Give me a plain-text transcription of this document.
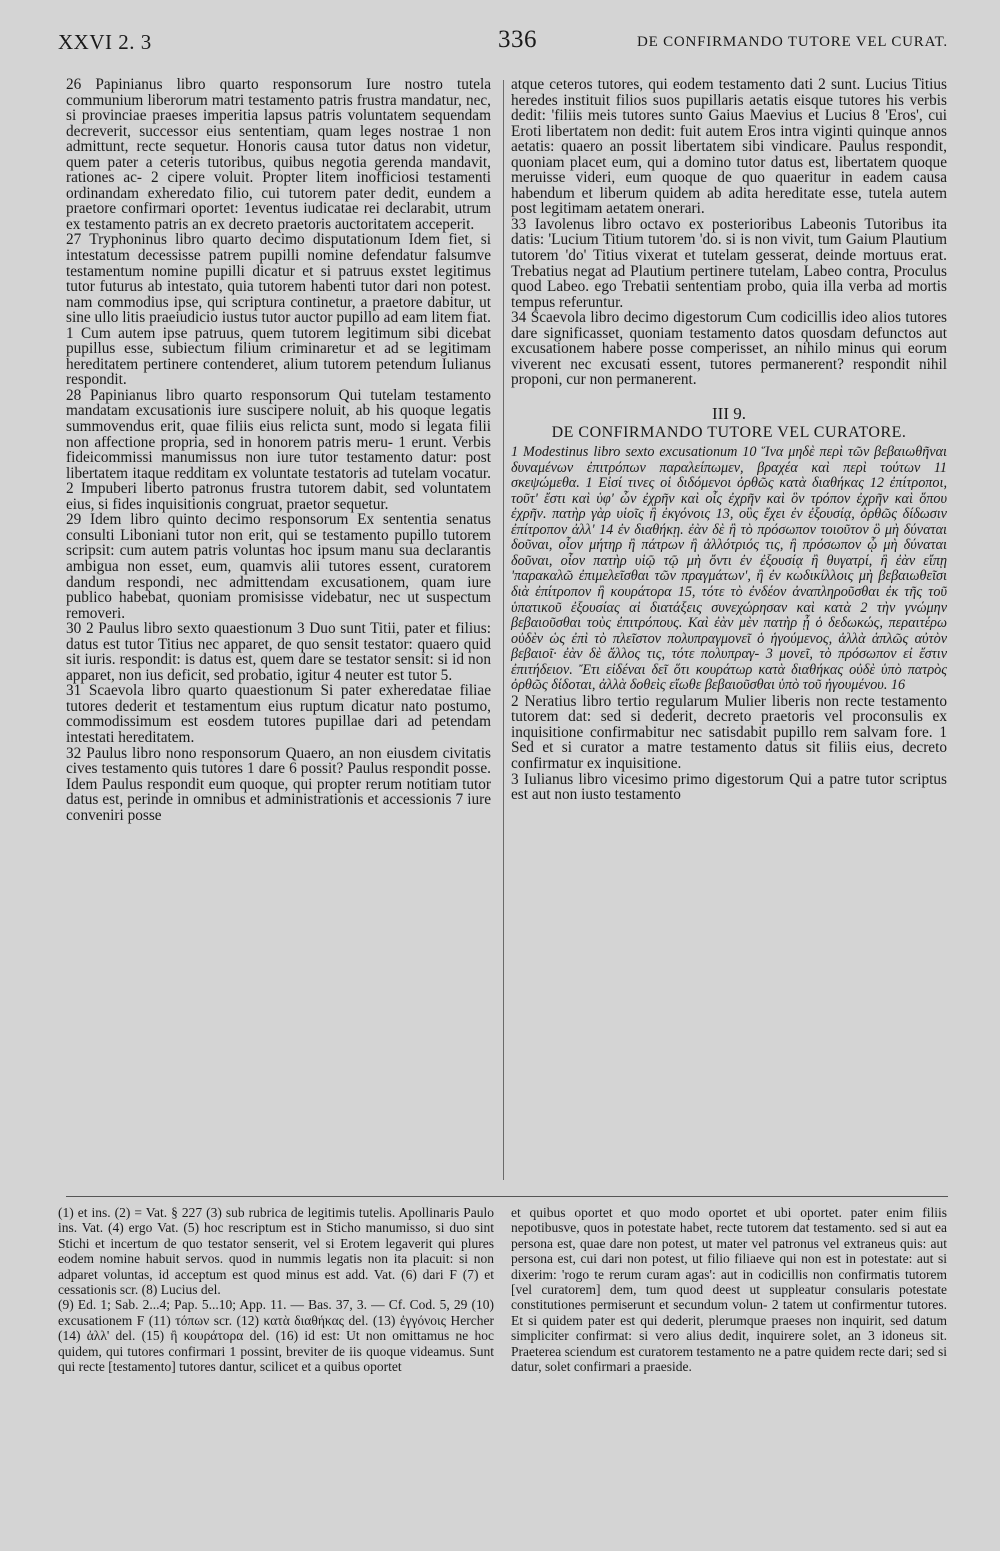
XXVI 2. 3	336	DE CONFIRMANDO TUTORE VEL CURAT.

26 Papinianus libro quarto responsorum Iure nostro tutela communium liberorum matri testamento patris frustra mandatur, nec, si provinciae praeses imperitia lapsus patris voluntatem sequendam decreverit, successor eius sententiam, quam leges nostrae 1 non admittunt, recte sequetur. Honoris causa tutor datus non videtur, quem pater a ceteris tutoribus, quibus negotia gerenda mandavit, rationes ac- 2 cipere voluit. Propter litem inofficiosi testamenti ordinandam exheredato filio, cui tutorem pater dedit, eundem a praetore confirmari oportet: 1eventus iudicatae rei declarabit, utrum ex testamento patris an ex decreto praetoris auctoritatem acceperit.

27 Tryphoninus libro quarto decimo disputationum Idem fiet, si intestatum decessisse patrem pupilli nomine defendatur falsumve testamentum nomine pupilli dicatur et si patruus exstet legitimus tutor futurus ab intestato, quia tutorem habenti tutor dari non potest. nam commodius ipse, qui scriptura continetur, a praetore dabitur, ut sine ullo litis praeiudicio iustus tutor auctor pupillo ad eam litem fiat. 1 Cum autem ipse patruus, quem tutorem legitimum sibi dicebat pupillus esse, subiectum filium criminaretur et ad se legitimam hereditatem pertinere contenderet, alium tutorem petendum Iulianus respondit.

28 Papinianus libro quarto responsorum Qui tutelam testamento mandatam excusationis iure suscipere noluit, ab his quoque legatis summovendus erit, quae filiis eius relicta sunt, modo si legata filii non affectione propria, sed in honorem patris meru- 1 erunt. Verbis fideicommissi manumissus non iure tutor testamento datur: post libertatem itaque redditam ex voluntate testatoris ad tutelam vocatur. 2 Impuberi liberto patronus frustra tutorem dabit, sed voluntatem eius, si fides inquisitionis congruat, praetor sequetur.

29 Idem libro quinto decimo responsorum Ex sententia senatus consulti Liboniani tutor non erit, qui se testamento pupillo tutorem scripsit: cum autem patris voluntas hoc ipsum manu sua declarantis ambigua non esset, eum, quamvis alii tutores essent, curatorem dandum respondi, nec admittendam excusationem, quam iure publico habebat, quoniam promisisse videbatur, nec ut suspectum removeri.

30 2 Paulus libro sexto quaestionum 3 Duo sunt Titii, pater et filius: datus est tutor Titius nec apparet, de quo sensit testator: quaero quid sit iuris. respondit: is datus est, quem dare se testator sensit: si id non apparet, non ius deficit, sed probatio, igitur 4 neuter est tutor 5.

31 Scaevola libro quarto quaestionum Si pater exheredatae filiae tutores dederit et testamentum eius ruptum dicatur nato postumo, commodissimum est eosdem tutores pupillae dari ad petendam intestati hereditatem.

32 Paulus libro nono responsorum Quaero, an non eiusdem civitatis cives testamento quis tutores 1 dare 6 possit? Paulus respondit posse. Idem Paulus respondit eum quoque, qui propter rerum notitiam tutor datus est, perinde in omnibus et administrationis et accessionis 7 iure conveniri posse

atque ceteros tutores, qui eodem testamento dati 2 sunt. Lucius Titius heredes instituit filios suos pupillaris aetatis eisque tutores his verbis dedit: 'filiis meis tutores sunto Gaius Maevius et Lucius 8 'Eros', cui Eroti libertatem non dedit: fuit autem Eros intra viginti quinque annos aetatis: quaero an possit libertatem sibi vindicare. Paulus respondit, quoniam placet eum, qui a domino tutor datus est, libertatem quoque meruisse videri, eum quoque de quo quaeritur in eadem causa habendum et liberum quidem ab adita hereditate esse, tutela autem post legitimam aetatem onerari.

33 Iavolenus libro octavo ex posterioribus Labeonis Tutoribus ita datis: 'Lucium Titium tutorem 'do. si is non vivit, tum Gaium Plautium tutorem 'do' Titius vixerat et tutelam gesserat, deinde mortuus erat. Trebatius negat ad Plautium pertinere tutelam, Labeo contra, Proculus quod Labeo. ego Trebatii sententiam probo, quia illa verba ad mortis tempus referuntur.

34 Scaevola libro decimo digestorum Cum codicillis ideo alios tutores dare significasset, quoniam testamento datos quosdam defunctos aut excusationem habere posse comperisset, an nihilo minus qui eorum viverent nec excusati essent, tutores permanerent? respondit nihil proponi, cur non permanerent.

III 9.
DE CONFIRMANDO TUTORE VEL CURATORE.

1 Modestinus libro sexto excusationum 10 Ἵνα μηδὲ περὶ τῶν βεβαιωθῆναι δυναμένων ἐπιτρόπων παραλείπωμεν, βραχέα καὶ περὶ τούτων 11 σκεψώμεθα. 1 Εἰσί τινες οἱ διδόμενοι ὀρθῶς κατὰ διαθήκας 12 ἐπίτροποι, τοῦτ' ἔστι καὶ ὑφ' ὧν ἐχρῆν καὶ οἷς ἐχρῆν καὶ ὃν τρόπον ἐχρῆν καὶ ὅπου ἐχρῆν. πατὴρ γὰρ υἱοῖς ἢ ἐκγόνοις 13, οὓς ἔχει ἐν ἐξουσίᾳ, ὀρθῶς δίδωσιν ἐπίτροπον ἀλλ' 14 ἐν διαθήκῃ. ἐὰν δὲ ἢ τὸ πρόσωπον τοιοῦτον ὃ μὴ δύναται δοῦναι, οἷον μήτηρ ἢ πάτρων ἢ ἀλλότριός τις, ἢ πρόσωπον ᾧ μὴ δύναται δοῦναι, οἷον πατὴρ υἱῷ τῷ μὴ ὄντι ἐν ἐξουσίᾳ ἢ θυγατρί, ἢ ἐὰν εἴπῃ 'παρακαλῶ ἐπιμελεῖσθαι τῶν πραγμάτων', ἢ ἐν κωδικίλλοις μὴ βεβαιωθεῖσι διὰ ἐπίτροπον ἢ κουράτορα 15, τότε τὸ ἐνδέον ἀναπληροῦσθαι ἐκ τῆς τοῦ ὑπατικοῦ ἐξουσίας αἱ διατάξεις συνεχώρησαν καὶ κατὰ 2 τὴν γνώμην βεβαιοῦσθαι τοὺς ἐπιτρόπους. Καὶ ἐὰν μὲν πατὴρ ᾖ ὁ δεδωκώς, περαιτέρω οὐδὲν ὡς ἐπὶ τὸ πλεῖστον πολυπραγμονεῖ ὁ ἡγούμενος, ἀλλὰ ἁπλῶς αὐτὸν βεβαιοῖ· ἐὰν δὲ ἄλλος τις, τότε πολυπραγ- 3 μονεῖ, τὸ πρόσωπον εἰ ἔστιν ἐπιτήδειον. Ἔτι εἰδέναι δεῖ ὅτι κουράτωρ κατὰ διαθήκας οὐδὲ ὑπὸ πατρὸς ὀρθῶς δίδοται, ἀλλὰ δοθεὶς εἴωθε βεβαιοῦσθαι ὑπὸ τοῦ ἡγουμένου. 16

2 Neratius libro tertio regularum Mulier liberis non recte testamento tutorem dat: sed si dederit, decreto praetoris vel proconsulis ex inquisitione confirmabitur nec satisdabit pupillo rem salvam fore. 1 Sed et si curator a matre testamento datus sit filiis eius, decreto confirmatur ex inquisitione.

3 Iulianus libro vicesimo primo digestorum Qui a patre tutor scriptus est aut non iusto testamento

(1) et ins. (2) = Vat. § 227 (3) sub rubrica de legitimis tutelis. Apollinaris Paulo ins. Vat. (4) ergo Vat. (5) hoc rescriptum est in Sticho manumisso, si duo sint Stichi et incertum de quo testator senserit, vel si Erotem legaverit qui plures eodem nomine habuit servos. quod in nummis legatis non ita placuit: si non adparet voluntas, id acceptum est quod minus est add. Vat. (6) dari F (7) et cessationis scr. (8) Lucius del.

(9) Ed. 1; Sab. 2...4; Pap. 5...10; App. 11. — Bas. 37, 3. — Cf. Cod. 5, 29 (10) excusationem F (11) τόπων scr. (12) κατὰ διαθήκας del. (13) ἐγγόνοις Hercher (14) ἀλλ' del. (15) ἢ κουράτορα del. (16) id est: Ut non omittamus ne hoc quidem, qui tutores confirmari 1 possint, breviter de iis quoque videamus. Sunt qui recte [testamento] tutores dantur, scilicet et a quibus oportet

et quibus oportet et quo modo oportet et ubi oportet. pater enim filiis nepotibusve, quos in potestate habet, recte tutorem dat testamento. sed si aut ea persona est, quae dare non potest, ut mater vel patronus vel extraneus quis: aut persona est, cui dari non potest, ut filio filiaeve qui non est in potestate: aut si dixerim: 'rogo te rerum curam agas': aut in codicillis non confirmatis tutorem [vel curatorem] dem, tum quod deest ut suppleatur consularis potestate constitutiones permiserunt et secundum volun- 2 tatem ut confirmentur tutores. Et si quidem pater est qui dederit, plerumque praeses non inquirit, sed datum simpliciter confirmat: si vero alius dedit, inquirere solet, an 3 idoneus sit. Praeterea sciendum est curatorem testamento ne a patre quidem recte dari; sed si datur, solet confirmari a praeside.
